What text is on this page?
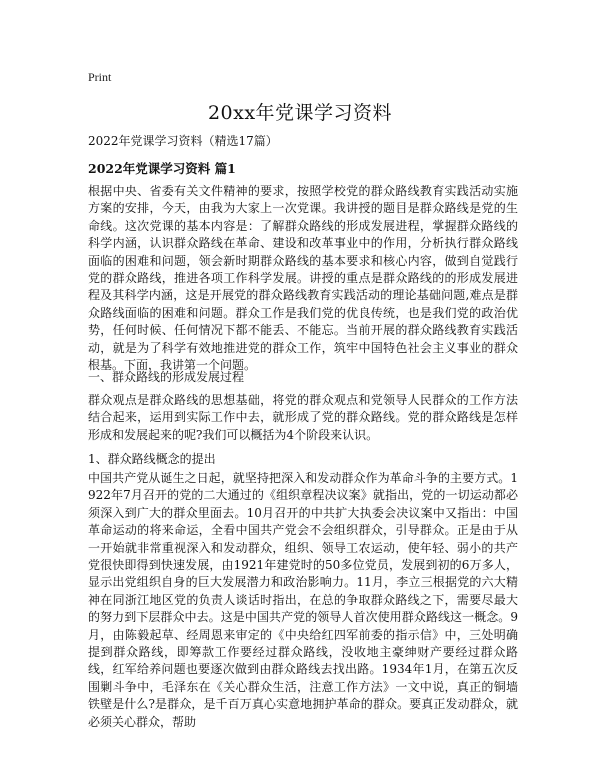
Print
20xx年党课学习资料

2022年党课学习资料（精选17篇）

2022年党课学习资料 篇1

根据中央、省委有关文件精神的要求，按照学校党的群众路线教育实践活动实施方案的安排，今天，由我为大家上一次党课。我讲授的题目是群众路线是党的生命线。这次党课的基本内容是：了解群众路线的形成发展进程，掌握群众路线的科学内涵，认识群众路线在革命、建设和改革事业中的作用，分析执行群众路线面临的困难和问题，领会新时期群众路线的基本要求和核心内容，做到自觉践行党的群众路线，推进各项工作科学发展。讲授的重点是群众路线的的形成发展进程及其科学内涵，这是开展党的群众路线教育实践活动的理论基础问题,难点是群众路线面临的困难和问题。群众工作是我们党的优良传统，也是我们党的政治优势，任何时候、任何情况下都不能丢、不能忘。当前开展的群众路线教育实践活动，就是为了科学有效地推进党的群众工作，筑牢中国特色社会主义事业的群众根基。下面，我讲第一个问题。

一、群众路线的形成发展过程

群众观点是群众路线的思想基础，将党的群众观点和党领导人民群众的工作方法结合起来，运用到实际工作中去，就形成了党的群众路线。党的群众路线是怎样形成和发展起来的呢?我们可以概括为4个阶段来认识。

1、群众路线概念的提出

中国共产党从诞生之日起，就坚持把深入和发动群众作为革命斗争的主要方式。1922年7月召开的党的二大通过的《组织章程决议案》就指出，党的一切运动都必须深入到广大的群众里面去。10月召开的中共扩大执委会决议案中又指出：中国革命运动的将来命运，全看中国共产党会不会组织群众，引导群众。正是由于从一开始就非常重视深入和发动群众，组织、领导工农运动，使年轻、弱小的共产党很快即得到快速发展，由1921年建党时的50多位党员，发展到初的6万多人，显示出党组织自身的巨大发展潜力和政治影响力。11月，李立三根据党的六大精神在同浙江地区党的负责人谈话时指出，在总的争取群众路线之下，需要尽最大的努力到下层群众中去。这是中国共产党的领导人首次使用群众路线这一概念。9月，由陈毅起草、经周恩来审定的《中央给红四军前委的指示信》中，三处明确提到群众路线，即筹款工作要经过群众路线，没收地主豪绅财产要经过群众路线，红军给养问题也要逐次做到由群众路线去找出路。1934年1月，在第五次反围剿斗争中，毛泽东在《关心群众生活，注意工作方法》一文中说，真正的铜墙铁壁是什么?是群众，是千百万真心实意地拥护革命的群众。要真正发动群众，就必须关心群众，帮助
